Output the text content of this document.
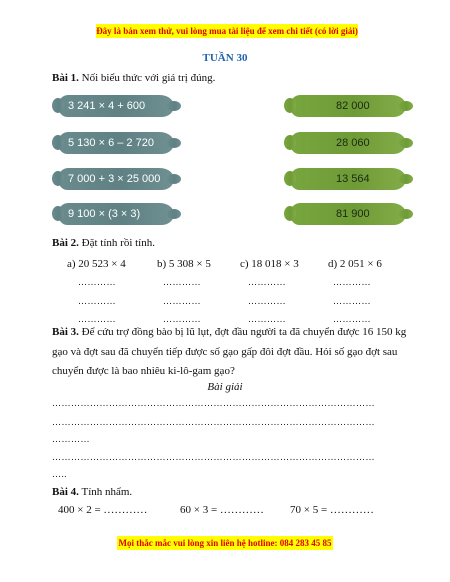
Đây là bản xem thử, vui lòng mua tài liệu để xem chi tiết (có lời giải)
TUẦN 30
Bài 1. Nối biểu thức với giá trị đúng.
3 241 × 4 + 600
5 130 × 6 – 2 720
7 000 + 3 × 25 000
9 100 × (3 × 3)
82 000
28 060
13 564
81 900
Bài 2. Đặt tính rồi tính.
a) 20 523 × 4	b) 5 308 × 5	c) 18 018 × 3	d) 2 051 × 6
…………	…………	…………	…………
…………	…………	…………	…………
…………	…………	…………	…………
Bài 3. Để cứu trợ đồng bào bị lũ lụt, đợt đầu người ta đã chuyển được 16 150 kg
gạo và đợt sau đã chuyển tiếp được số gạo gấp đôi đợt đầu. Hỏi số gạo đợt sau
chuyển được là bao nhiêu ki-lô-gam gạo?
Bài giải
…………………………………………………………………………………………
…………………………………………………………………………………………
…………
…………………………………………………………………………………………
…..
Bài 4. Tính nhẩm.
400 × 2 = …………	60 × 3 = ………… 70 × 5 = …………
Mọi thắc mắc vui lòng xin liên hệ hotline: 084 283 45 85
